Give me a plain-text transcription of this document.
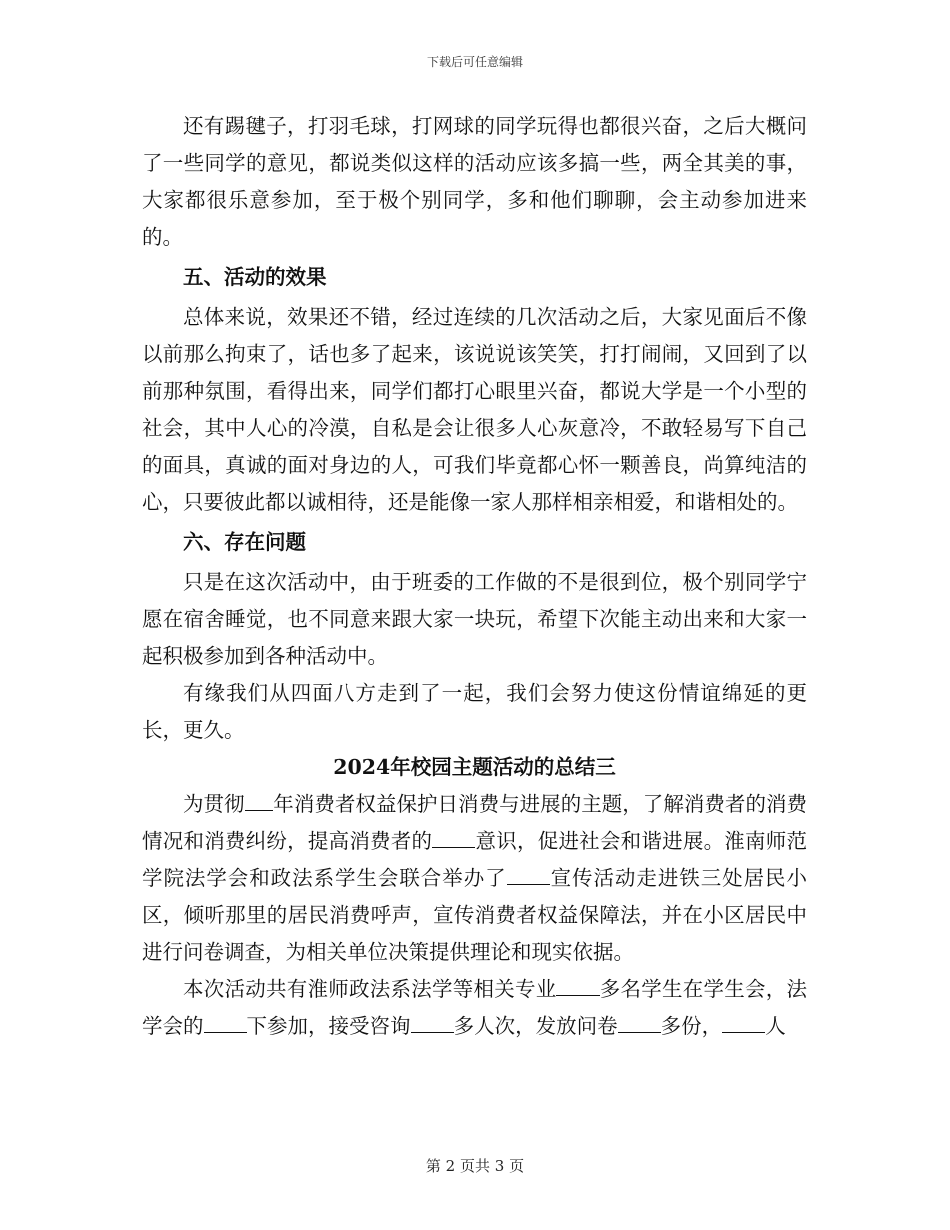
下载后可任意编辑

还有踢毽子，打羽毛球，打网球的同学玩得也都很兴奋，之后大概问了一些同学的意见，都说类似这样的活动应该多搞一些，两全其美的事，大家都很乐意参加，至于极个别同学，多和他们聊聊，会主动参加进来的。

五、活动的效果

总体来说，效果还不错，经过连续的几次活动之后，大家见面后不像以前那么拘束了，话也多了起来，该说说该笑笑，打打闹闹，又回到了以前那种氛围，看得出来，同学们都打心眼里兴奋，都说大学是一个小型的社会，其中人心的冷漠，自私是会让很多人心灰意冷，不敢轻易写下自己的面具，真诚的面对身边的人，可我们毕竟都心怀一颗善良，尚算纯洁的心，只要彼此都以诚相待，还是能像一家人那样相亲相爱，和谐相处的。

六、存在问题

只是在这次活动中，由于班委的工作做的不是很到位，极个别同学宁愿在宿舍睡觉，也不同意来跟大家一块玩，希望下次能主动出来和大家一起积极参加到各种活动中。

有缘我们从四面八方走到了一起，我们会努力使这份情谊绵延的更长，更久。

2024年校园主题活动的总结三

为贯彻 年消费者权益保护日消费与进展的主题，了解消费者的消费情况和消费纠纷，提高消费者的 意识，促进社会和谐进展。淮南师范学院法学会和政法系学生会联合举办了 宣传活动走进铁三处居民小区，倾听那里的居民消费呼声，宣传消费者权益保障法，并在小区居民中进行问卷调查，为相关单位决策提供理论和现实依据。

本次活动共有淮师政法系法学等相关专业 多名学生在学生会，法学会的 下参加，接受咨询 多人次，发放问卷 多份， 人

第 2 页共 3 页
